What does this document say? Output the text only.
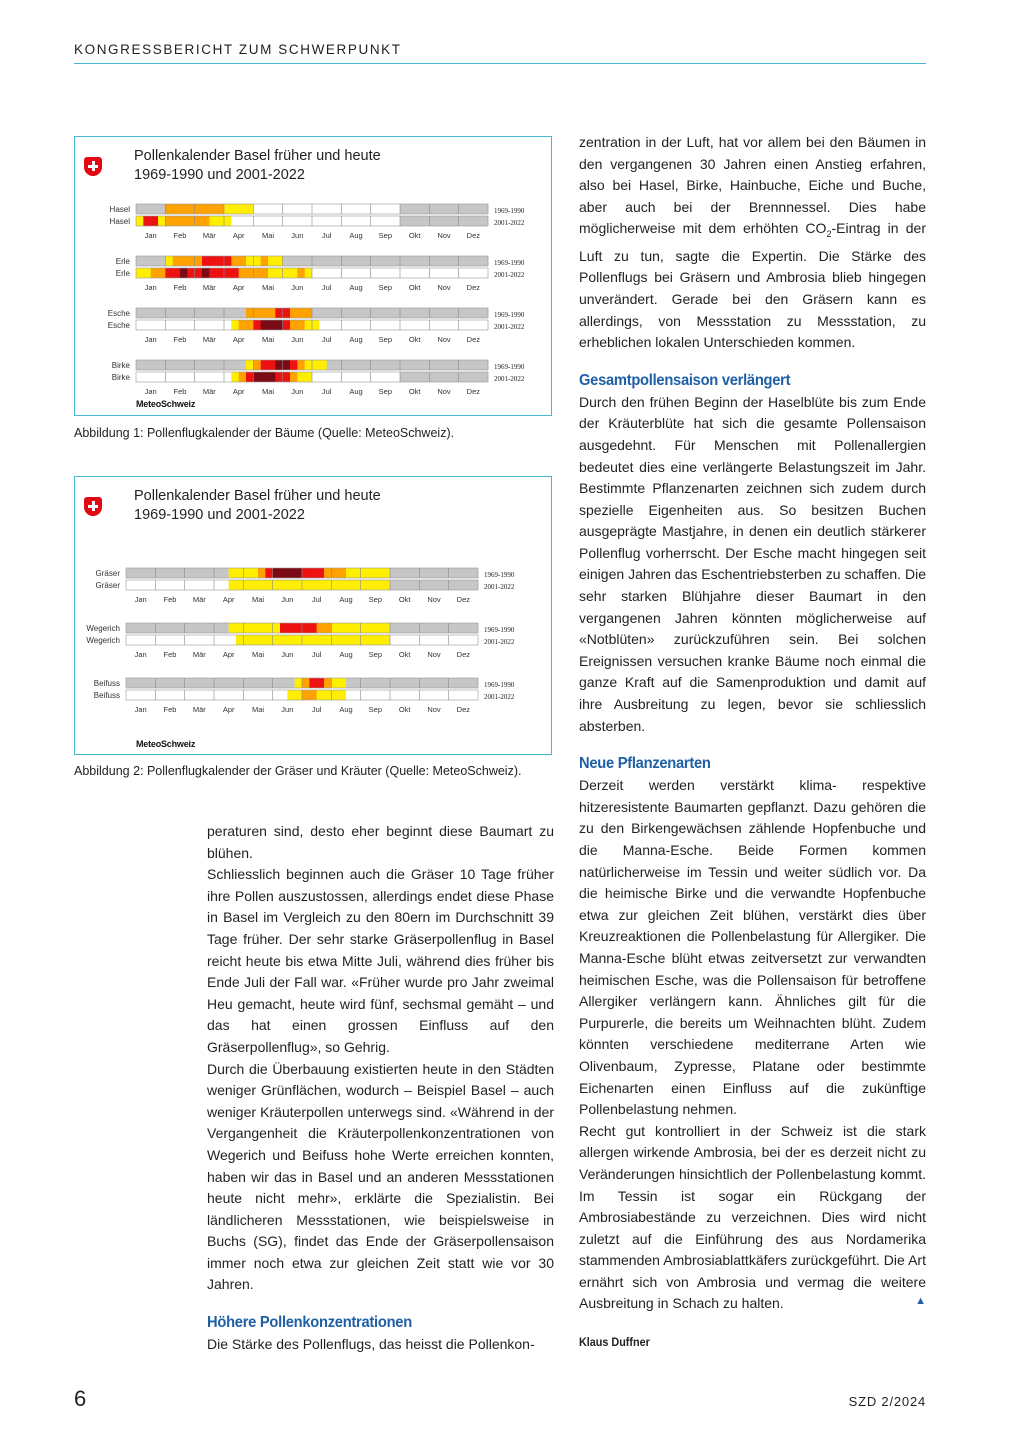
KONGRESSBERICHT ZUM SCHWERPUNKT
Pollenkalender Basel früher und heute
1969-1990 und 2001-2022
Hasel	1969-1990
Hasel	2001-2022
Jan Feb Mär Apr Mai Jun Jul Aug Sep Okt Nov Dez
Erle	1969-1990
Erle	2001-2022
Jan Feb Mär Apr Mai Jun Jul Aug Sep Okt Nov Dez
Esche	1969-1990
Esche	2001-2022
Jan Feb Mär Apr Mai Jun Jul Aug Sep Okt Nov Dez
Birke	1969-1990
Birke	2001-2022
Jan Feb Mär Apr Mai Jun Jul Aug Sep Okt Nov Dez
MeteoSchweiz
Abbildung 1: Pollenflugkalender der Bäume (Quelle: MeteoSchweiz).
Pollenkalender Basel früher und heute
1969-1990 und 2001-2022
Gräser	1969-1990
Gräser	2001-2022
Jan Feb Mär Apr Mai Jun Jul Aug Sep Okt Nov Dez
Wegerich	1969-1990
Wegerich	2001-2022
Jan Feb Mär Apr Mai Jun Jul Aug Sep Okt Nov Dez
Beifuss	1969-1990
Beifuss	2001-2022
Jan Feb Mär Apr Mai Jun Jul Aug Sep Okt Nov Dez
MeteoSchweiz
Abbildung 2: Pollenflugkalender der Gräser und Kräuter (Quelle: MeteoSchweiz).

peraturen sind, desto eher beginnt diese Baumart zu blühen.

Schliesslich beginnen auch die Gräser 10 Tage früher ihre Pollen auszustossen, allerdings endet diese Phase in Basel im Vergleich zu den 80ern im Durchschnitt 39 Tage früher. Der sehr starke Gräserpollenflug in Basel reicht heute bis etwa Mitte Juli, während dies früher bis Ende Juli der Fall war. «Früher wurde pro Jahr zweimal Heu gemacht, heute wird fünf, sechsmal gemäht – und das hat einen grossen Einfluss auf den Gräserpollenflug», so Gehrig.

Durch die Überbauung existierten heute in den Städten weniger Grünflächen, wodurch – Beispiel Basel – auch weniger Kräuterpollen unterwegs sind. «Während in der Vergangenheit die Kräuterpollenkonzentrationen von Wegerich und Beifuss hohe Werte erreichen konnten, haben wir das in Basel und an anderen Messstationen heute nicht mehr», erklärte die Spezialistin. Bei ländlicheren Messstationen, wie beispielsweise in Buchs (SG), findet das Ende der Gräserpollensaison immer noch etwa zur gleichen Zeit statt wie vor 30 Jahren.

Höhere Pollenkonzentrationen

Die Stärke des Pollenflugs, das heisst die Pollenkon-

zentration in der Luft, hat vor allem bei den Bäumen in den vergangenen 30 Jahren einen Anstieg erfahren, also bei Hasel, Birke, Hainbuche, Eiche und Buche, aber auch bei der Brennnessel. Dies habe möglicherweise mit dem erhöhten $CO_2$-Eintrag in der Luft zu tun, sagte die Expertin. Die Stärke des Pollenflugs bei Gräsern und Ambrosia blieb hingegen unverändert. Gerade bei den Gräsern kann es allerdings, von Messstation zu Messstation, zu erheblichen lokalen Unterschieden kommen.

Gesamtpollensaison verlängert

Durch den frühen Beginn der Haselblüte bis zum Ende der Kräuterblüte hat sich die gesamte Pollensaison ausgedehnt. Für Menschen mit Pollenallergien bedeutet dies eine verlängerte Belastungszeit im Jahr. Bestimmte Pflanzenarten zeichnen sich zudem durch spezielle Eigenheiten aus. So besitzen Buchen ausgeprägte Mastjahre, in denen ein deutlich stärkerer Pollenflug vorherrscht. Der Esche macht hingegen seit einigen Jahren das Eschentriebsterben zu schaffen. Die sehr starken Blühjahre dieser Baumart in den vergangenen Jahren könnten möglicherweise auf «Notblüten» zurückzuführen sein. Bei solchen Ereignissen versuchen kranke Bäume noch einmal die ganze Kraft auf die Samenproduktion und damit auf ihre Ausbreitung zu legen, bevor sie schliesslich absterben.

Neue Pflanzenarten

Derzeit werden verstärkt klima- respektive hitzeresistente Baumarten gepflanzt. Dazu gehören die zu den Birkengewächsen zählende Hopfenbuche und die Manna-Esche. Beide Formen kommen natürlicherweise im Tessin und weiter südlich vor. Da die heimische Birke und die verwandte Hopfenbuche etwa zur gleichen Zeit blühen, verstärkt dies über Kreuzreaktionen die Pollenbelastung für Allergiker. Die Manna-Esche blüht etwas zeitversetzt zur verwandten heimischen Esche, was die Pollensaison für betroffene Allergiker verlängern kann. Ähnliches gilt für die Purpurerle, die bereits um Weihnachten blüht. Zudem könnten verschiedene mediterrane Arten wie Olivenbaum, Zypresse, Platane oder bestimmte Eichenarten einen Einfluss auf die zukünftige Pollenbelastung nehmen.

Recht gut kontrolliert in der Schweiz ist die stark allergen wirkende Ambrosia, bei der es derzeit nicht zu Veränderungen hinsichtlich der Pollenbelastung kommt. Im Tessin ist sogar ein Rückgang der Ambrosiabestände zu verzeichnen. Dies wird nicht zuletzt auf die Einführung des aus Nordamerika stammenden Ambrosiablattkäfers zurückgeführt. Die Art ernährt sich von Ambrosia und vermag die weitere Ausbreitung in Schach zu halten.	▲

Klaus Duffner
6	SZD 2/2024
